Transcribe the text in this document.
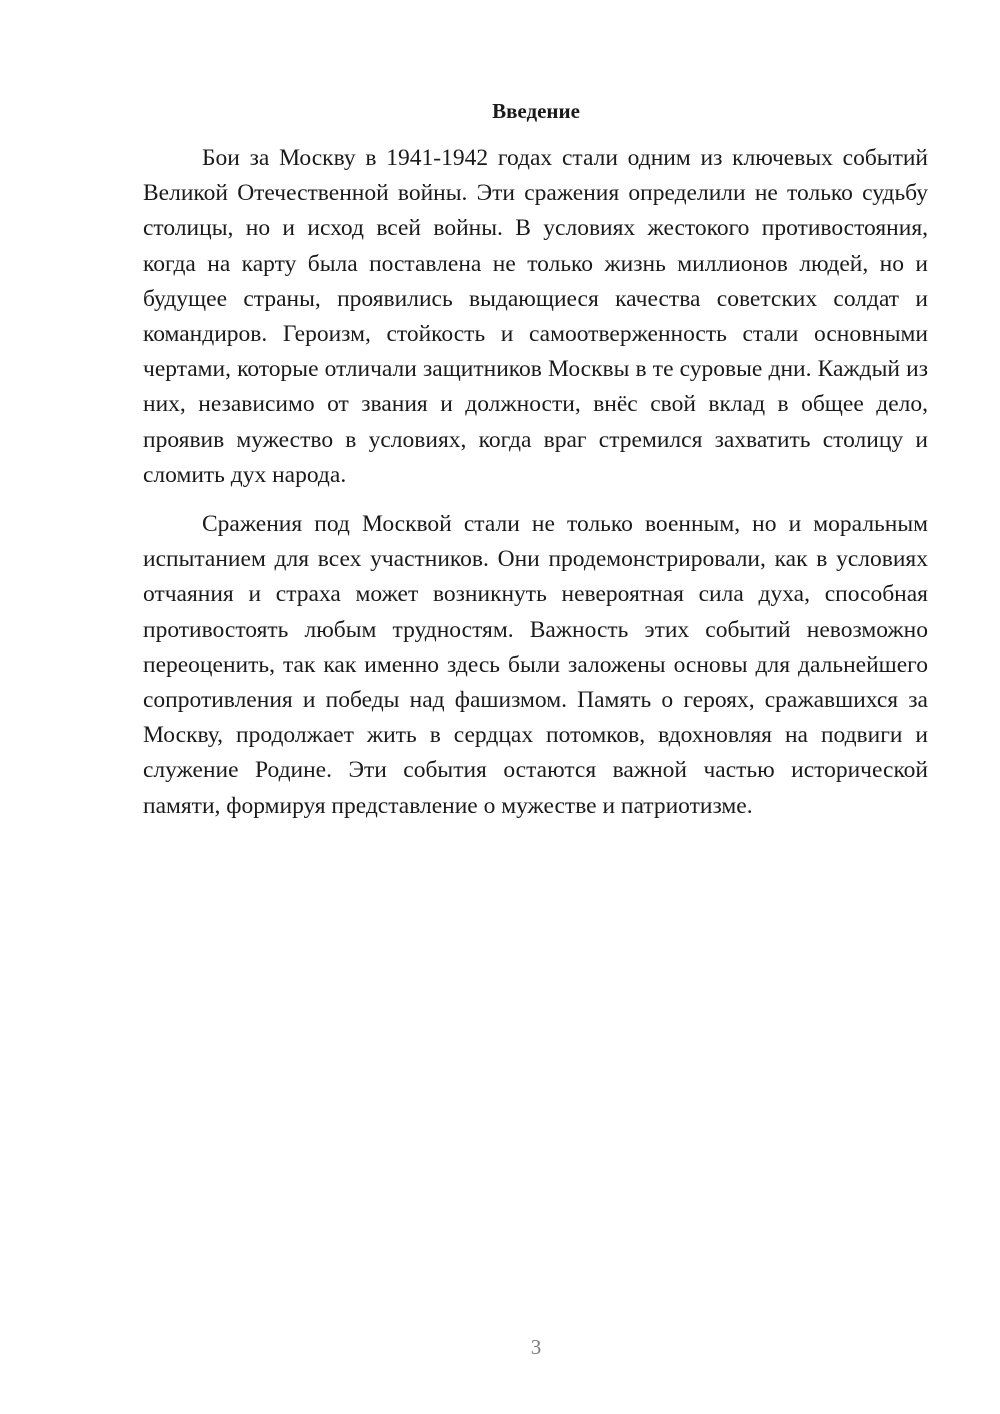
Введение

Бои за Москву в 1941-1942 годах стали одним из ключевых событий Великой Отечественной войны. Эти сражения определили не только судьбу столицы, но и исход всей войны. В условиях жестокого противостояния, когда на карту была поставлена не только жизнь миллионов людей, но и будущее страны, проявились выдающиеся качества советских солдат и командиров. Героизм, стойкость и самоотверженность стали основными чертами, которые отличали защитников Москвы в те суровые дни. Каждый из них, независимо от звания и должности, внёс свой вклад в общее дело, проявив мужество в условиях, когда враг стремился захватить столицу и сломить дух народа.

Сражения под Москвой стали не только военным, но и моральным испытанием для всех участников. Они продемонстрировали, как в условиях отчаяния и страха может возникнуть невероятная сила духа, способная противостоять любым трудностям. Важность этих событий невозможно переоценить, так как именно здесь были заложены основы для дальнейшего сопротивления и победы над фашизмом. Память о героях, сражавшихся за Москву, продолжает жить в сердцах потомков, вдохновляя на подвиги и служение Родине. Эти события остаются важной частью исторической памяти, формируя представление о мужестве и патриотизме.

3
